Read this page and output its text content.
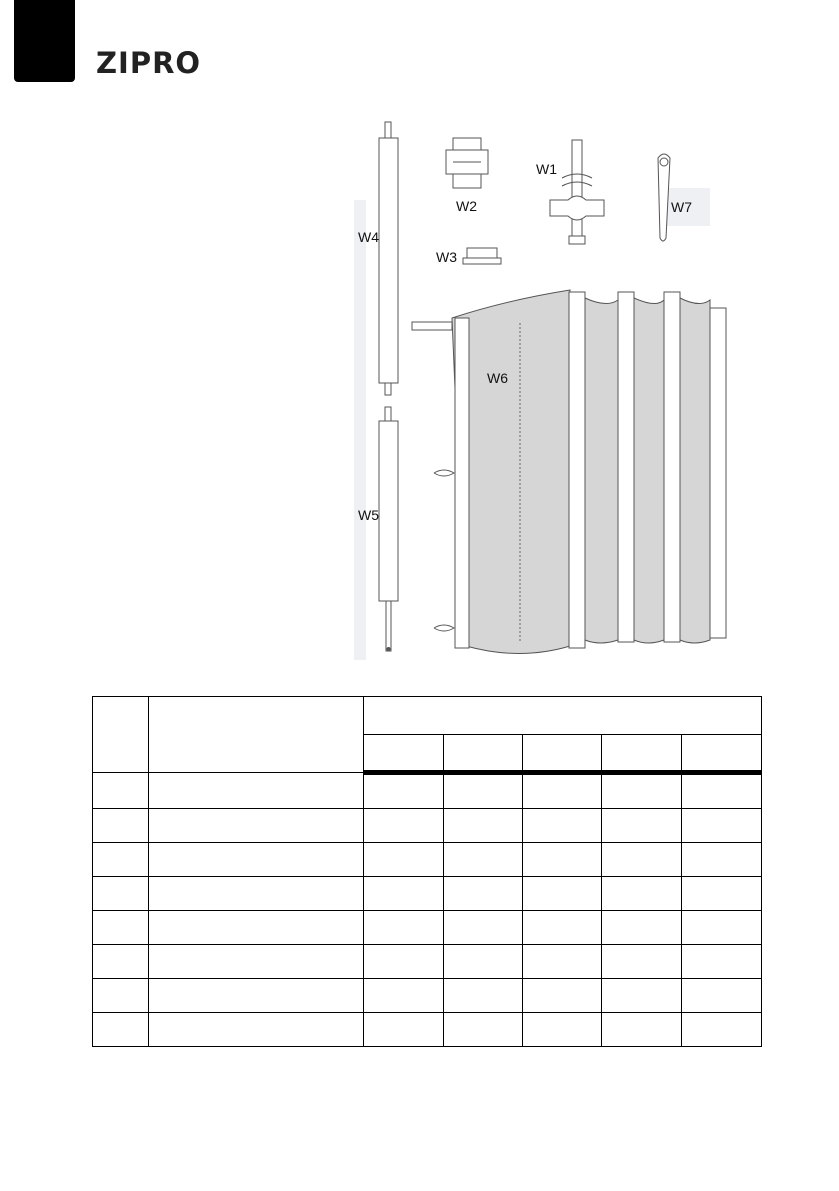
ZIPRO
W4
W5
W2
W3
W1
W7
W6
